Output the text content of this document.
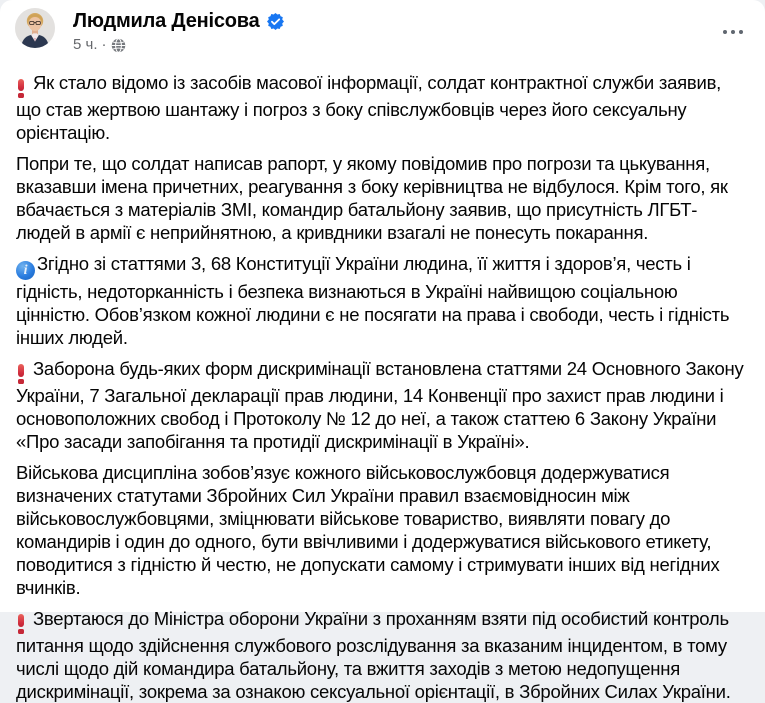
Людмила Денісова
5 ч. ·

Як стало відомо із засобів масової інформації, солдат контрактної служби заявив, що став жертвою шантажу і погроз з боку співслужбовців через його сексуальну орієнтацію.

Попри те, що солдат написав рапорт, у якому повідомив про погрози та цькування, вказавши імена причетних, реагування з боку керівництва не відбулося. Крім того, як вбачається з матеріалів ЗМІ, командир батальйону заявив, що присутність ЛГБТ-людей в армії є неприйнятною, а кривдники взагалі не понесуть покарання.

i Згідно зі статтями 3, 68 Конституції України людина, її життя і здоров’я, честь і гідність, недоторканність і безпека визнаються в Україні найвищою соціальною цінністю. Обов’язком кожної людини є не посягати на права і свободи, честь і гідність інших людей.

Заборона будь-яких форм дискримінації встановлена статтями 24 Основного Закону України, 7 Загальної декларації прав людини, 14 Конвенції про захист прав людини і основоположних свобод і Протоколу № 12 до неї, а також статтею 6 Закону України «Про засади запобігання та протидії дискримінації в Україні».

Військова дисципліна зобов’язує кожного військовослужбовця додержуватися визначених статутами Збройних Сил України правил взаємовідносин між військовослужбовцями, зміцнювати військове товариство, виявляти повагу до командирів і один до одного, бути ввічливими і додержуватися військового етикету, поводитися з гідністю й честю, не допускати самому і стримувати інших від негідних вчинків.

Звертаюся до Міністра оборони України з проханням взяти під особистий контроль питання щодо здійснення службового розслідування за вказаним інцидентом, в тому числі щодо дій командира батальйону, та вжиття заходів з метою недопущення дискримінації, зокрема за ознакою сексуальної орієнтації, в Збройних Силах України.
